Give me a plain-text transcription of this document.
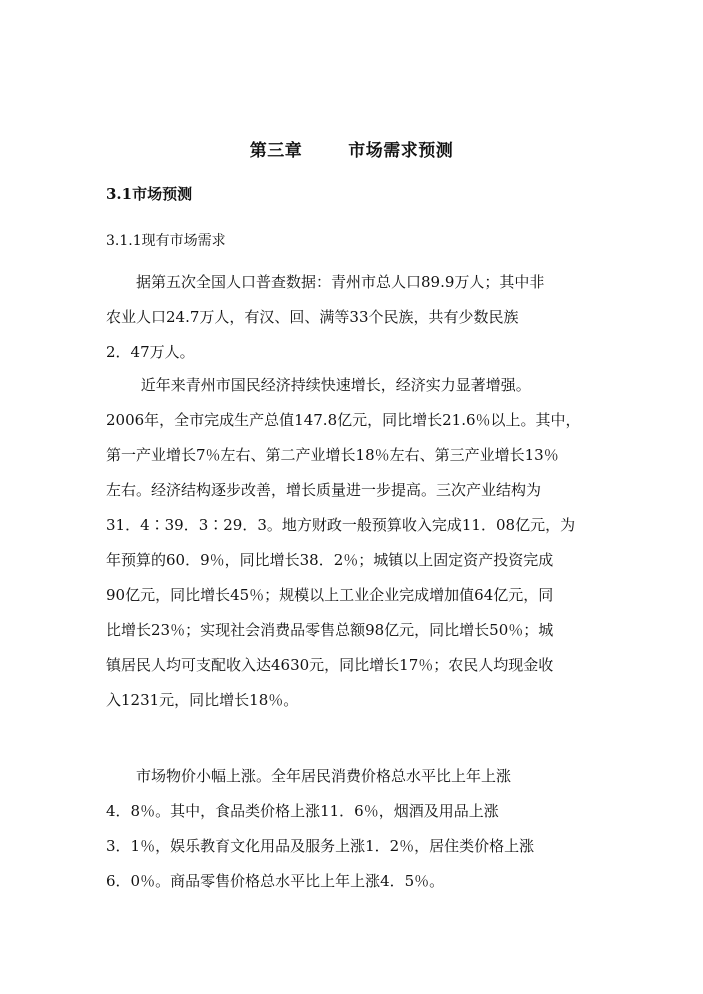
第三章	市场需求预测
3.1市场预测
3.1.1现有市场需求
　　据第五次全国人口普查数据：青州市总人口89.9万人；其中非
农业人口24.7万人，有汉、回、满等33个民族，共有少数民族
2．47万人。
　　 近年来青州市国民经济持续快速增长，经济实力显著增强。
2006年，全市完成生产总值147.8亿元，同比增长21.6％以上。其中，
第一产业增长7％左右、第二产业增长18％左右、第三产业增长13％
左右。经济结构逐步改善，增长质量进一步提高。三次产业结构为
31．4∶39．3∶29．3。地方财政一般预算收入完成11．08亿元，为
年预算的60．9％，同比增长38．2％；城镇以上固定资产投资完成
90亿元，同比增长45％；规模以上工业企业完成增加值64亿元，同
比增长23％；实现社会消费品零售总额98亿元，同比增长50％；城
镇居民人均可支配收入达4630元，同比增长17％；农民人均现金收
入1231元，同比增长18％。
　　市场物价小幅上涨。全年居民消费价格总水平比上年上涨
4．8％。其中，食品类价格上涨11．6％，烟酒及用品上涨
3．1％，娱乐教育文化用品及服务上涨1．2％，居住类价格上涨
6．0％。商品零售价格总水平比上年上涨4．5％。
